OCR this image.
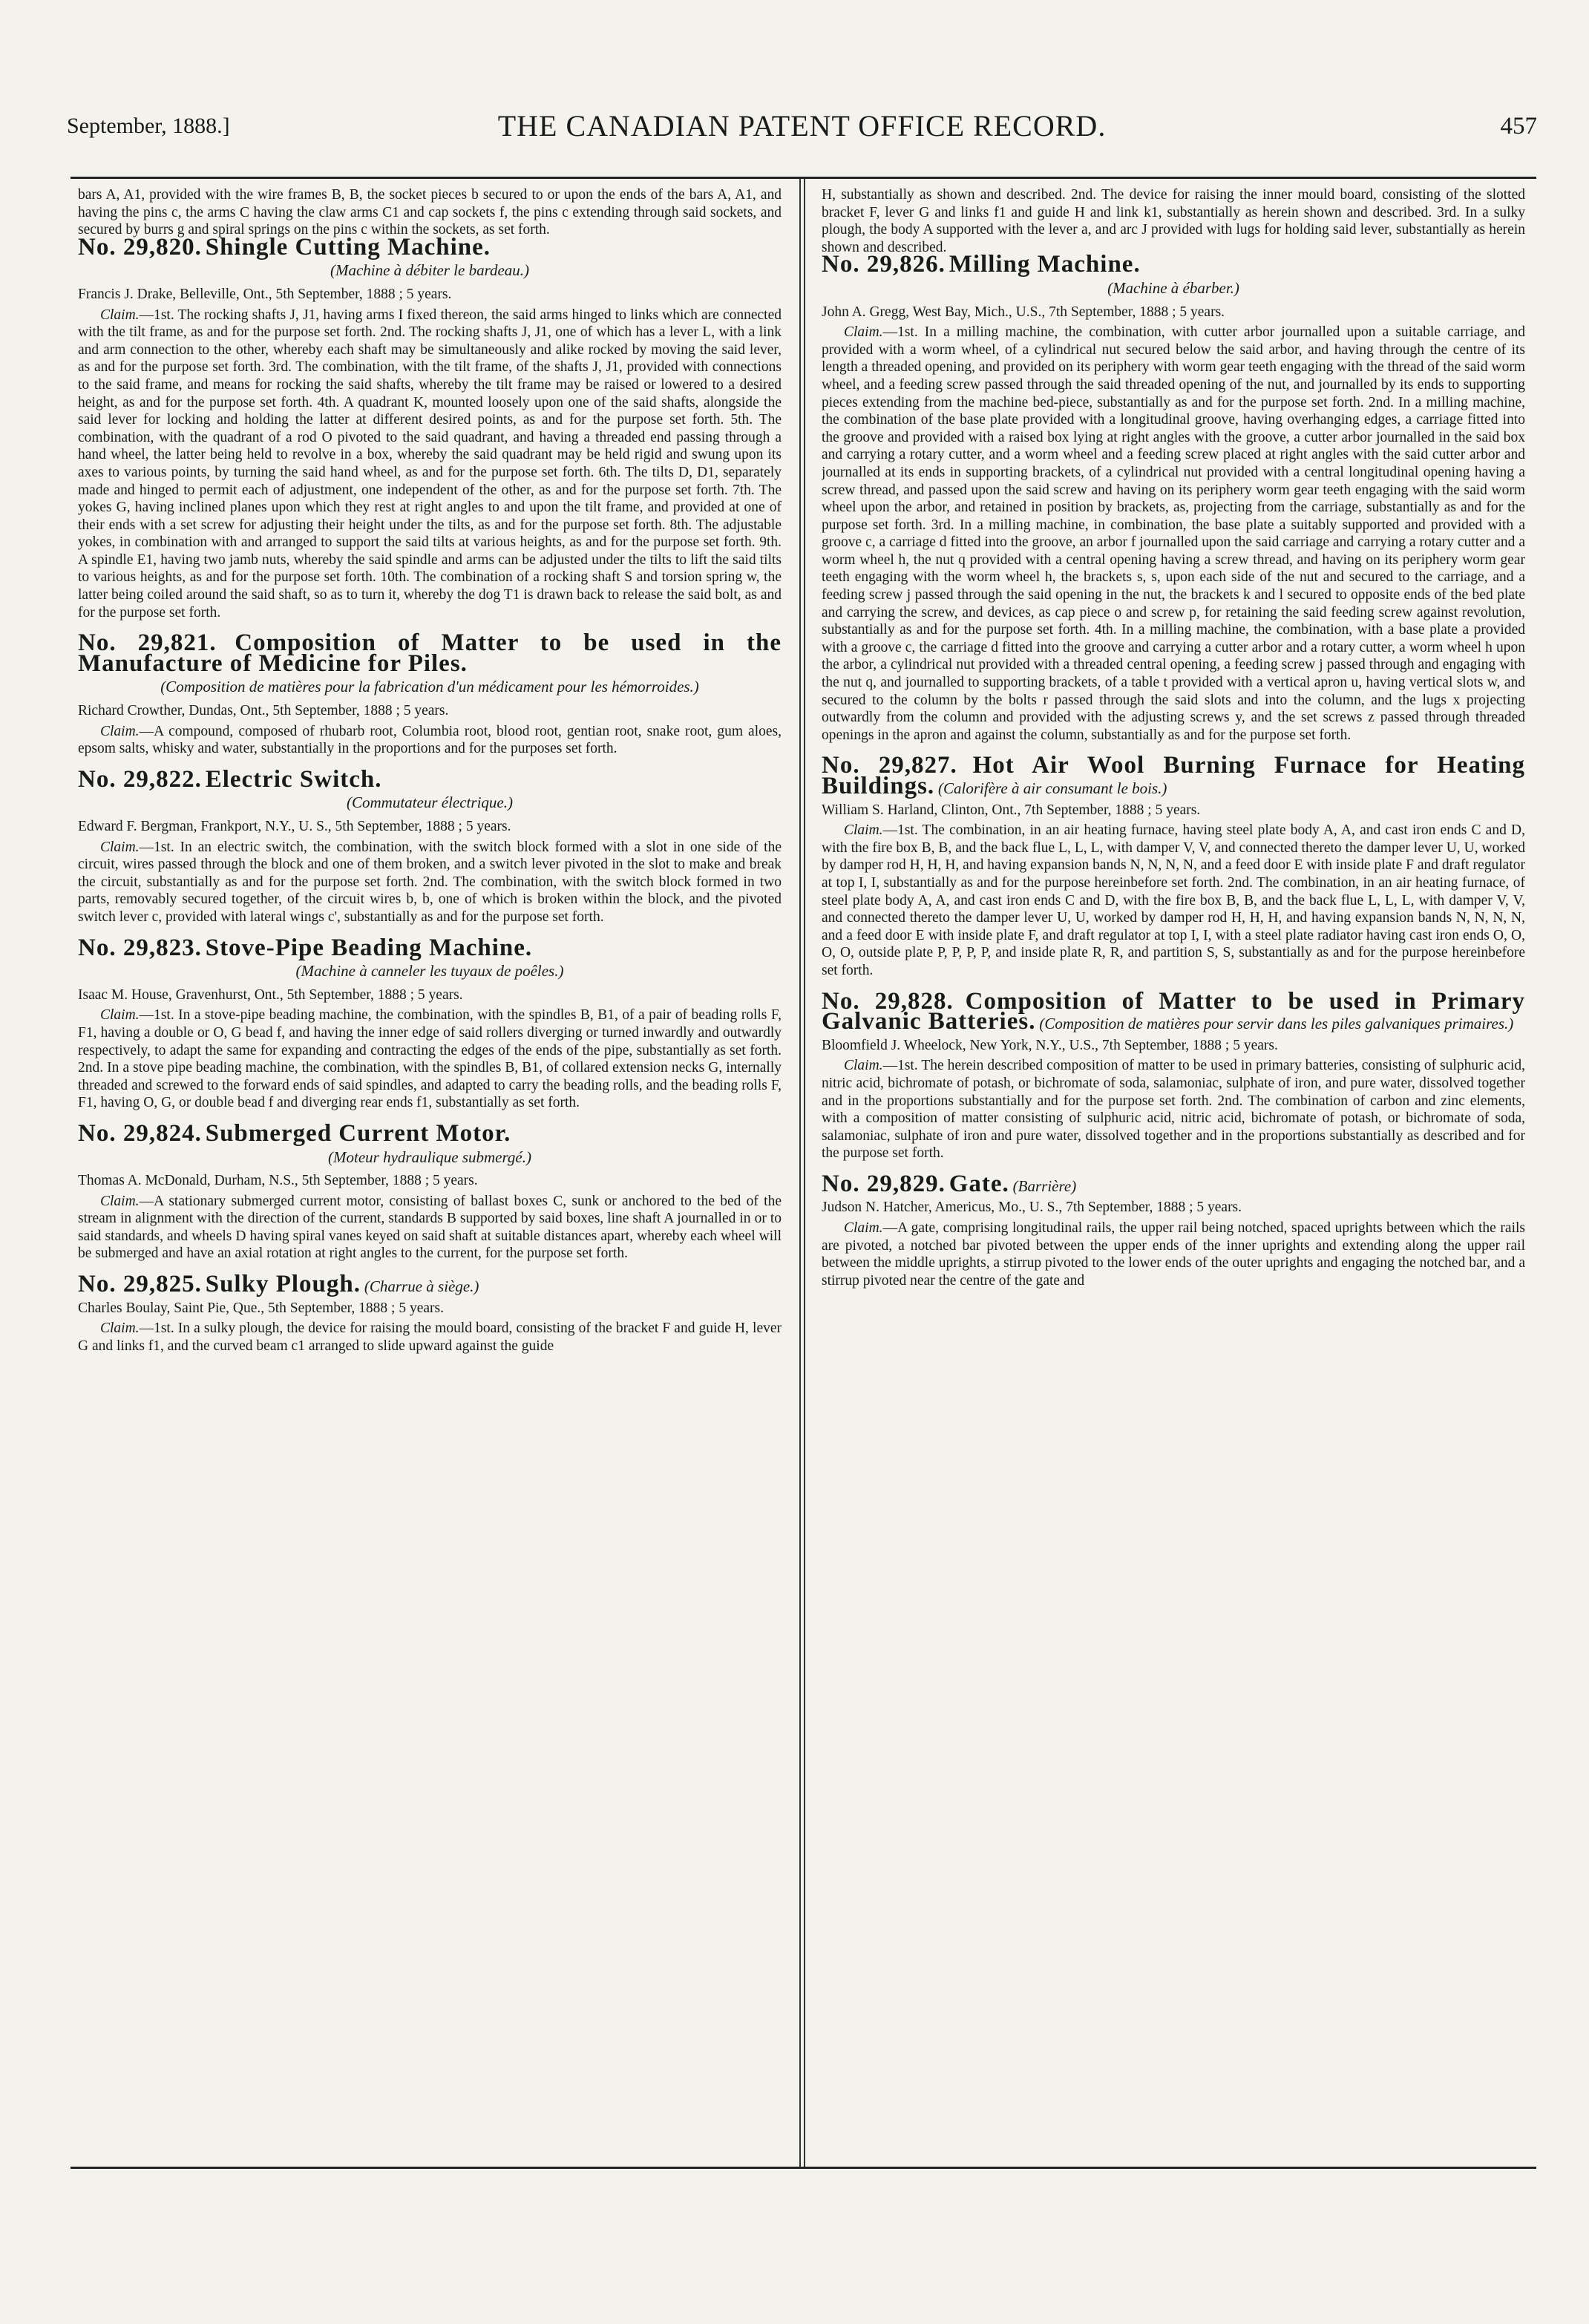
September, 1888.]	THE CANADIAN PATENT OFFICE RECORD.	457

bars A, A1, provided with the wire frames B, B, the socket pieces b secured to or upon the ends of the bars A, A1, and having the pins c, the arms C having the claw arms C1 and cap sockets f, the pins c extending through said sockets, and secured by burrs g and spiral springs on the pins c within the sockets, as set forth.

No. 29,820. Shingle Cutting Machine.
(Machine à débiter le bardeau.)
Francis J. Drake, Belleville, Ont., 5th September, 1888 ; 5 years.

Claim.—1st. The rocking shafts J, J1, having arms I fixed thereon, the said arms hinged to links which are connected with the tilt frame, as and for the purpose set forth. 2nd. The rocking shafts J, J1, one of which has a lever L, with a link and arm connection to the other, whereby each shaft may be simultaneously and alike rocked by moving the said lever, as and for the purpose set forth. 3rd. The combination, with the tilt frame, of the shafts J, J1, provided with connections to the said frame, and means for rocking the said shafts, whereby the tilt frame may be raised or lowered to a desired height, as and for the purpose set forth. 4th. A quadrant K, mounted loosely upon one of the said shafts, alongside the said lever for locking and holding the latter at different desired points, as and for the purpose set forth. 5th. The combination, with the quadrant of a rod O pivoted to the said quadrant, and having a threaded end passing through a hand wheel, the latter being held to revolve in a box, whereby the said quadrant may be held rigid and swung upon its axes to various points, by turning the said hand wheel, as and for the purpose set forth. 6th. The tilts D, D1, separately made and hinged to permit each of adjustment, one independent of the other, as and for the purpose set forth. 7th. The yokes G, having inclined planes upon which they rest at right angles to and upon the tilt frame, and provided at one of their ends with a set screw for adjusting their height under the tilts, as and for the purpose set forth. 8th. The adjustable yokes, in combination with and arranged to support the said tilts at various heights, as and for the purpose set forth. 9th. A spindle E1, having two jamb nuts, whereby the said spindle and arms can be adjusted under the tilts to lift the said tilts to various heights, as and for the purpose set forth. 10th. The combination of a rocking shaft S and torsion spring w, the latter being coiled around the said shaft, so as to turn it, whereby the dog T1 is drawn back to release the said bolt, as and for the purpose set forth.

No. 29,821. Composition of Matter to be used in the Manufacture of Medicine for Piles.
(Composition de matières pour la fabrication d'un médicament pour les hémorroides.)
Richard Crowther, Dundas, Ont., 5th September, 1888 ; 5 years.

Claim.—A compound, composed of rhubarb root, Columbia root, blood root, gentian root, snake root, gum aloes, epsom salts, whisky and water, substantially in the proportions and for the purposes set forth.

No. 29,822. Electric Switch.
(Commutateur électrique.)
Edward F. Bergman, Frankport, N.Y., U. S., 5th September, 1888 ; 5 years.

Claim.—1st. In an electric switch, the combination, with the switch block formed with a slot in one side of the circuit, wires passed through the block and one of them broken, and a switch lever pivoted in the slot to make and break the circuit, substantially as and for the purpose set forth. 2nd. The combination, with the switch block formed in two parts, removably secured together, of the circuit wires b, b, one of which is broken within the block, and the pivoted switch lever c, provided with lateral wings c', substantially as and for the purpose set forth.

No. 29,823. Stove-Pipe Beading Machine.
(Machine à canneler les tuyaux de poêles.)
Isaac M. House, Gravenhurst, Ont., 5th September, 1888 ; 5 years.

Claim.—1st. In a stove-pipe beading machine, the combination, with the spindles B, B1, of a pair of beading rolls F, F1, having a double or O, G bead f, and having the inner edge of said rollers diverging or turned inwardly and outwardly respectively, to adapt the same for expanding and contracting the edges of the ends of the pipe, substantially as set forth. 2nd. In a stove pipe beading machine, the combination, with the spindles B, B1, of collared extension necks G, internally threaded and screwed to the forward ends of said spindles, and adapted to carry the beading rolls, and the beading rolls F, F1, having O, G, or double bead f and diverging rear ends f1, substantially as set forth.

No. 29,824. Submerged Current Motor.
(Moteur hydraulique submergé.)
Thomas A. McDonald, Durham, N.S., 5th September, 1888 ; 5 years.

Claim.—A stationary submerged current motor, consisting of ballast boxes C, sunk or anchored to the bed of the stream in alignment with the direction of the current, standards B supported by said boxes, line shaft A journalled in or to said standards, and wheels D having spiral vanes keyed on said shaft at suitable distances apart, whereby each wheel will be submerged and have an axial rotation at right angles to the current, for the purpose set forth.

No. 29,825. Sulky Plough. (Charrue à siège.)
Charles Boulay, Saint Pie, Que., 5th September, 1888 ; 5 years.

Claim.—1st. In a sulky plough, the device for raising the mould board, consisting of the bracket F and guide H, lever G and links f1, and the curved beam c1 arranged to slide upward against the guide

H, substantially as shown and described. 2nd. The device for raising the inner mould board, consisting of the slotted bracket F, lever G and links f1 and guide H and link k1, substantially as herein shown and described. 3rd. In a sulky plough, the body A supported with the lever a, and arc J provided with lugs for holding said lever, substantially as herein shown and described.

No. 29,826. Milling Machine.
(Machine à ébarber.)
John A. Gregg, West Bay, Mich., U.S., 7th September, 1888 ; 5 years.

Claim.—1st. In a milling machine, the combination, with cutter arbor journalled upon a suitable carriage, and provided with a worm wheel, of a cylindrical nut secured below the said arbor, and having through the centre of its length a threaded opening, and provided on its periphery with worm gear teeth engaging with the thread of the said worm wheel, and a feeding screw passed through the said threaded opening of the nut, and journalled by its ends to supporting pieces extending from the machine bed-piece, substantially as and for the purpose set forth. 2nd. In a milling machine, the combination of the base plate provided with a longitudinal groove, having overhanging edges, a carriage fitted into the groove and provided with a raised box lying at right angles with the groove, a cutter arbor journalled in the said box and carrying a rotary cutter, and a worm wheel and a feeding screw placed at right angles with the said cutter arbor and journalled at its ends in supporting brackets, of a cylindrical nut provided with a central longitudinal opening having a screw thread, and passed upon the said screw and having on its periphery worm gear teeth engaging with the said worm wheel upon the arbor, and retained in position by brackets, as, projecting from the carriage, substantially as and for the purpose set forth. 3rd. In a milling machine, in combination, the base plate a suitably supported and provided with a groove c, a carriage d fitted into the groove, an arbor f journalled upon the said carriage and carrying a rotary cutter and a worm wheel h, the nut q provided with a central opening having a screw thread, and having on its periphery worm gear teeth engaging with the worm wheel h, the brackets s, s, upon each side of the nut and secured to the carriage, and a feeding screw j passed through the said opening in the nut, the brackets k and l secured to opposite ends of the bed plate and carrying the screw, and devices, as cap piece o and screw p, for retaining the said feeding screw against revolution, substantially as and for the purpose set forth. 4th. In a milling machine, the combination, with a base plate a provided with a groove c, the carriage d fitted into the groove and carrying a cutter arbor and a rotary cutter, a worm wheel h upon the arbor, a cylindrical nut provided with a threaded central opening, a feeding screw j passed through and engaging with the nut q, and journalled to supporting brackets, of a table t provided with a vertical apron u, having vertical slots w, and secured to the column by the bolts r passed through the said slots and into the column, and the lugs x projecting outwardly from the column and provided with the adjusting screws y, and the set screws z passed through threaded openings in the apron and against the column, substantially as and for the purpose set forth.

No. 29,827. Hot Air Wool Burning Furnace for Heating Buildings. (Calorifère à air consumant le bois.)
William S. Harland, Clinton, Ont., 7th September, 1888 ; 5 years.

Claim.—1st. The combination, in an air heating furnace, having steel plate body A, A, and cast iron ends C and D, with the fire box B, B, and the back flue L, L, L, with damper V, V, and connected thereto the damper lever U, U, worked by damper rod H, H, H, and having expansion bands N, N, N, N, and a feed door E with inside plate F and draft regulator at top I, I, substantially as and for the purpose hereinbefore set forth. 2nd. The combination, in an air heating furnace, of steel plate body A, A, and cast iron ends C and D, with the fire box B, B, and the back flue L, L, L, with damper V, V, and connected thereto the damper lever U, U, worked by damper rod H, H, H, and having expansion bands N, N, N, N, and a feed door E with inside plate F, and draft regulator at top I, I, with a steel plate radiator having cast iron ends O, O, O, O, outside plate P, P, P, P, and inside plate R, R, and partition S, S, substantially as and for the purpose hereinbefore set forth.

No. 29,828. Composition of Matter to be used in Primary Galvanic Batteries. (Composition de matières pour servir dans les piles galvaniques primaires.)
Bloomfield J. Wheelock, New York, N.Y., U.S., 7th September, 1888 ; 5 years.

Claim.—1st. The herein described composition of matter to be used in primary batteries, consisting of sulphuric acid, nitric acid, bichromate of potash, or bichromate of soda, salamoniac, sulphate of iron, and pure water, dissolved together and in the proportions substantially and for the purpose set forth. 2nd. The combination of carbon and zinc elements, with a composition of matter consisting of sulphuric acid, nitric acid, bichromate of potash, or bichromate of soda, salamoniac, sulphate of iron and pure water, dissolved together and in the proportions substantially as described and for the purpose set forth.

No. 29,829. Gate. (Barrière)
Judson N. Hatcher, Americus, Mo., U. S., 7th September, 1888 ; 5 years.

Claim.—A gate, comprising longitudinal rails, the upper rail being notched, spaced uprights between which the rails are pivoted, a notched bar pivoted between the upper ends of the inner uprights and extending along the upper rail between the middle uprights, a stirrup pivoted to the lower ends of the outer uprights and engaging the notched bar, and a stirrup pivoted near the centre of the gate and
